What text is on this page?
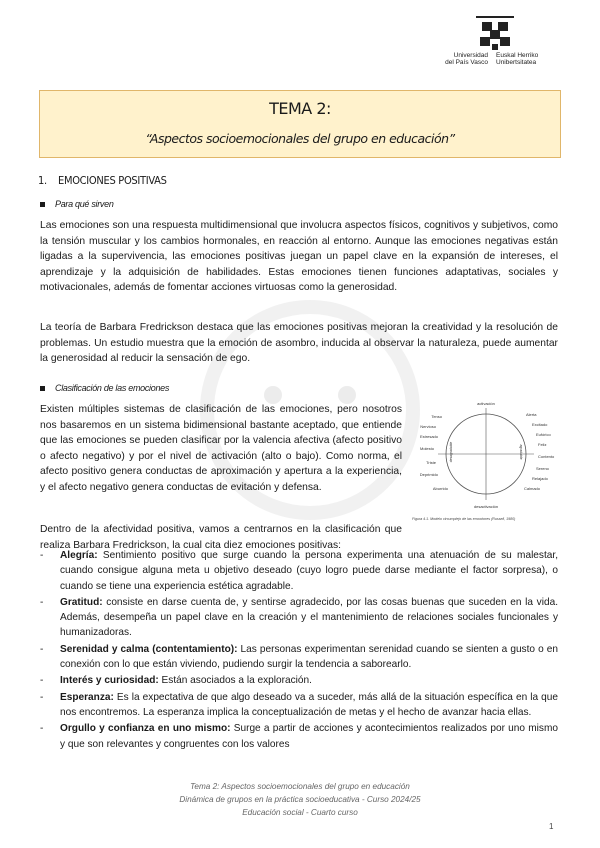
Universidad
del País Vasco
Euskal Herriko
Unibertsitatea
TEMA 2:
“Aspectos socioemocionales del grupo en educación”
1. EMOCIONES POSITIVAS
Para qué sirven
Las emociones son una respuesta multidimensional que involucra aspectos físicos, cognitivos y subjetivos, como la tensión muscular y los cambios hormonales, en reacción al entorno. Aunque las emociones negativas están ligadas a la supervivencia, las emociones positivas juegan un papel clave en la expansión de intereses, el aprendizaje y la adquisición de habilidades. Estas emociones tienen funciones adaptativas, sociales y motivacionales, además de fomentar acciones virtuosas como la generosidad.
La teoría de Barbara Fredrickson destaca que las emociones positivas mejoran la creatividad y la resolución de problemas. Un estudio muestra que la emoción de asombro, inducida al observar la naturaleza, puede aumentar la generosidad al reducir la sensación de ego.
Clasificación de las emociones
Existen múltiples sistemas de clasificación de las emociones, pero nosotros nos basaremos en un sistema bidimensional bastante aceptado, que entiende que las emociones se pueden clasificar por la valencia afectiva (afecto positivo o afecto negativo) y por el nivel de activación (alto o bajo). Como norma, el afecto positivo genera conductas de aproximación y apertura a la experiencia, y el afecto negativo genera conductas de evitación y defensa.
activación
desactivación
desagradable	agradable
Tenso
Nervioso
Estresado
Molesto
Triste
Deprimido
Aburrido
Alerta
Excitado
Eufórico
Feliz
Contento
Sereno
Relajado
Calmado
Figura 4.1. Modelo circumplejo de las emociones (Russell, 1980)
Dentro de la afectividad positiva, vamos a centrarnos en la clasificación que realiza Barbara Fredrickson, la cual cita diez emociones positivas:
- Alegría: Sentimiento positivo que surge cuando la persona experimenta una atenuación de su malestar, cuando consigue alguna meta u objetivo deseado (cuyo logro puede darse mediante el factor sorpresa), o cuando se tiene una experiencia estética agradable.
- Gratitud: consiste en darse cuenta de, y sentirse agradecido, por las cosas buenas que suceden en la vida. Además, desempeña un papel clave en la creación y el mantenimiento de relaciones sociales funcionales y humanizadoras.
- Serenidad y calma (contentamiento): Las personas experimentan serenidad cuando se sienten a gusto o en conexión con lo que están viviendo, pudiendo surgir la tendencia a saborearlo.
- Interés y curiosidad: Están asociados a la exploración.
- Esperanza: Es la expectativa de que algo deseado va a suceder, más allá de la situación específica en la que nos encontremos. La esperanza implica la conceptualización de metas y el hecho de avanzar hacia ellas.
- Orgullo y confianza en uno mismo: Surge a partir de acciones y acontecimientos realizados por uno mismo y que son relevantes y congruentes con los valores
Tema 2: Aspectos socioemocionales del grupo en educación
Dinámica de grupos en la práctica socioeducativa - Curso 2024/25
Educación social - Cuarto curso
1
